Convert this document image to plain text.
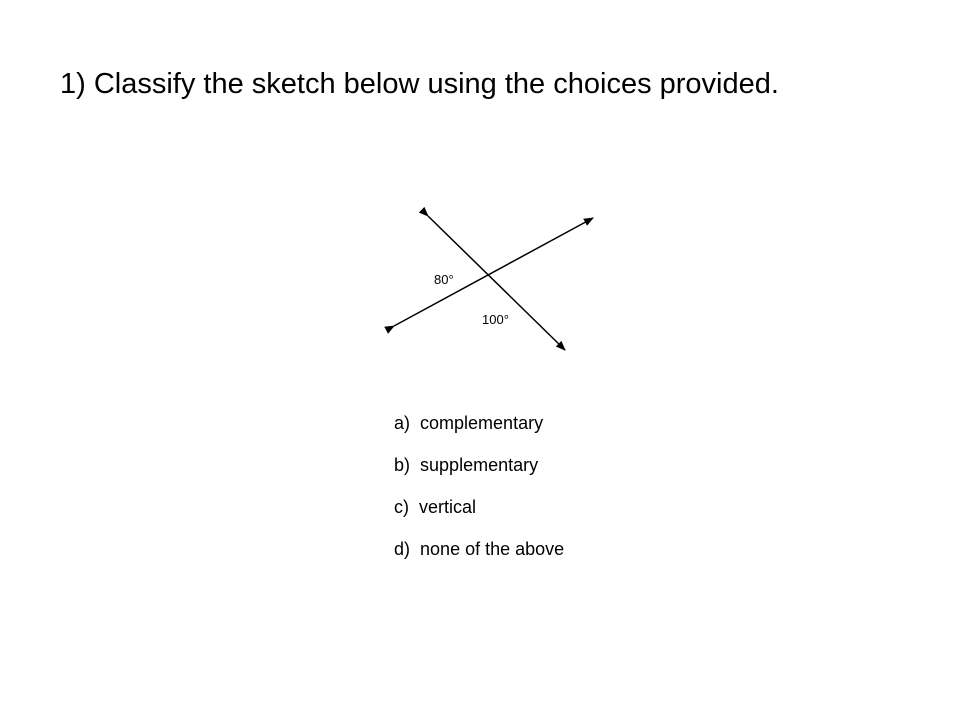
1) Classify the sketch below using the choices provided.
80°
100°
a) complementary
b) supplementary
c) vertical
d) none of the above
